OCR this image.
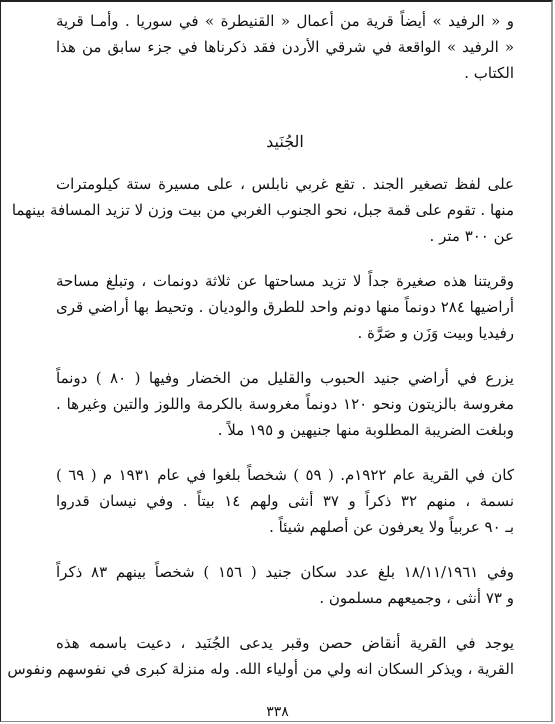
و « الرفيد » أيضاً قرية من أعمال « القنيطرة » في سوريا . وأمـا قرية
« الرفيد » الواقعة في شرقي الأردن فقد ذكرناها في جزء سابق من هذا
الكتاب .
الجُنَيد
على لفظ تصغير الجند . تقع غربي نابلس ، على مسيرة ستة كيلومترات
منها . تقوم على قمة جبل، نحو الجنوب الغربي من بيت وزن لا تزيد المسافة بينهما
عن ٣٠٠ متر .
وقريتنا هذه صغيرة جداً لا تزيد مساحتها عن ثلاثة دونمات ، وتبلغ مساحة
أراضيها ٢٨٤ دونماً منها دونم واحد للطرق والوديان . وتحيط بها أراضي قرى
رفيديا وبيت وَزَن و صَرَّة .
يزرع في أراضي جنيد الحبوب والقليل من الخضار وفيها ( ٨٠ ) دونماً
مغروسة بالزيتون ونحو ١٢٠ دونماً مغروسة بالكرمة واللوز والتين وغيرها .
وبلغت الضريبة المطلوبة منها جنيهين و ١٩٥ ملاً .
كان في القرية عام ١٩٢٢م. ( ٥٩ ) شخصاً بلغوا في عام ١٩٣١ م ( ٦٩ )
نسمة ، منهم ٣٢ ذكراً و ٣٧ أنثى ولهم ١٤ بيتاً . وفي نيسان قدروا
بـ ٩٠ عربياً ولا يعرفون عن أصلهم شيئاً .
وفي ١٨/١١/١٩٦١ بلغ عدد سكان جنيد ( ١٥٦ ) شخصاً بينهم ٨٣ ذكراً
و ٧٣ أنثى ، وجميعهم مسلمون .
يوجد في القرية أنقاض حصن وقبر يدعى الجُنَيد ، دعيت باسمه هذه
القرية ، ويذكر السكان انه ولي من أولياء الله. وله منزلة كبرى في نفوسهم ونفوس
٣٣٨
